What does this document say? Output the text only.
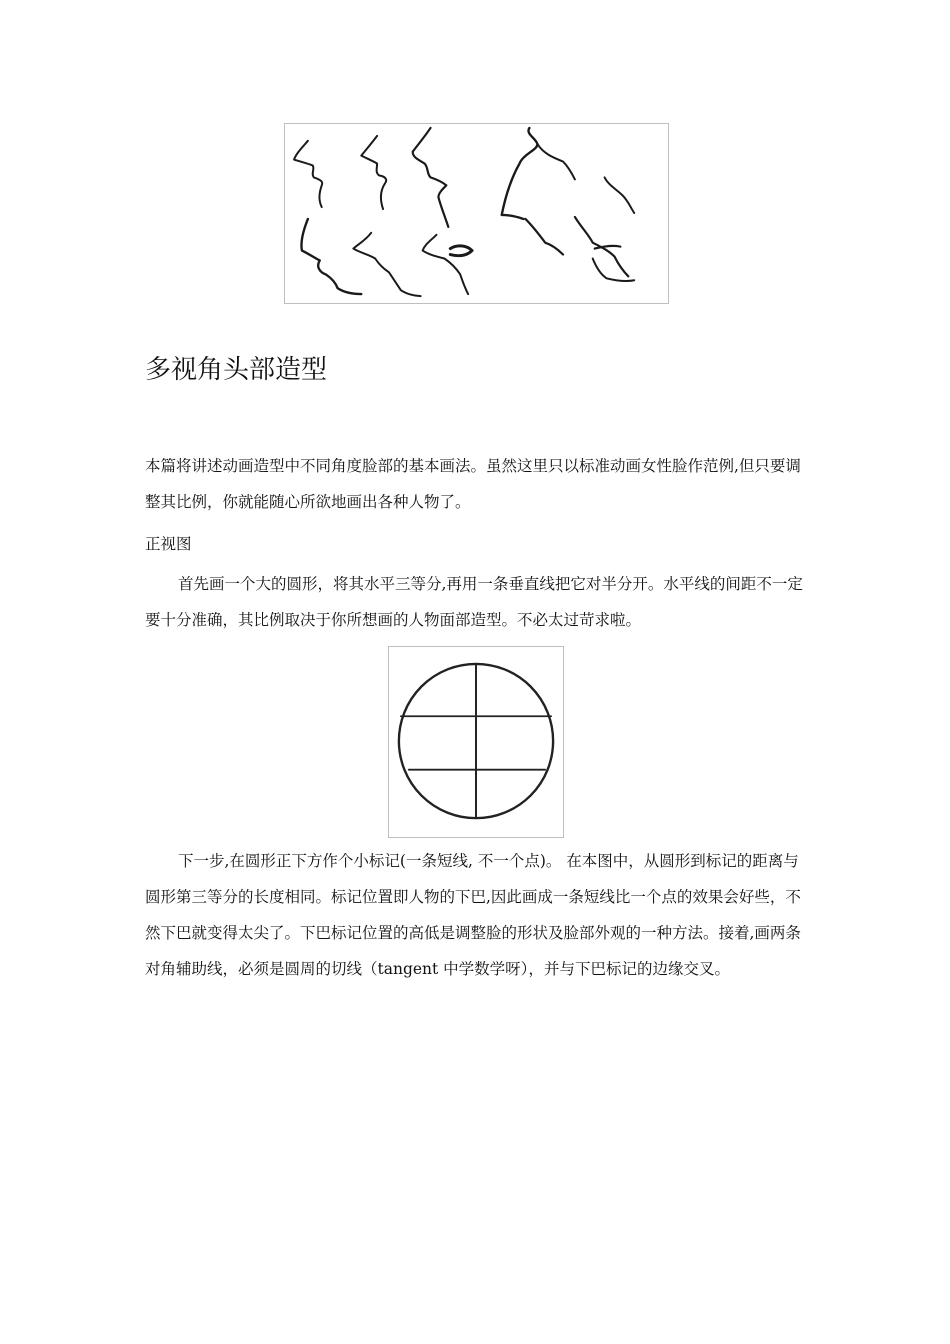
多视角头部造型

本篇将讲述动画造型中不同角度脸部的基本画法。虽然这里只以标准动画女性脸作范例,但只要调整其比例，你就能随心所欲地画出各种人物了。

正视图

首先画一个大的圆形，将其水平三等分,再用一条垂直线把它对半分开。水平线的间距不一定要十分准确，其比例取决于你所想画的人物面部造型。不必太过苛求啦。

下一步,在圆形正下方作个小标记(一条短线, 不一个点)。 在本图中，从圆形到标记的距离与圆形第三等分的长度相同。标记位置即人物的下巴,因此画成一条短线比一个点的效果会好些，不然下巴就变得太尖了。下巴标记位置的高低是调整脸的形状及脸部外观的一种方法。接着,画两条对角辅助线，必须是圆周的切线（tangent 中学数学呀），并与下巴标记的边缘交叉。
